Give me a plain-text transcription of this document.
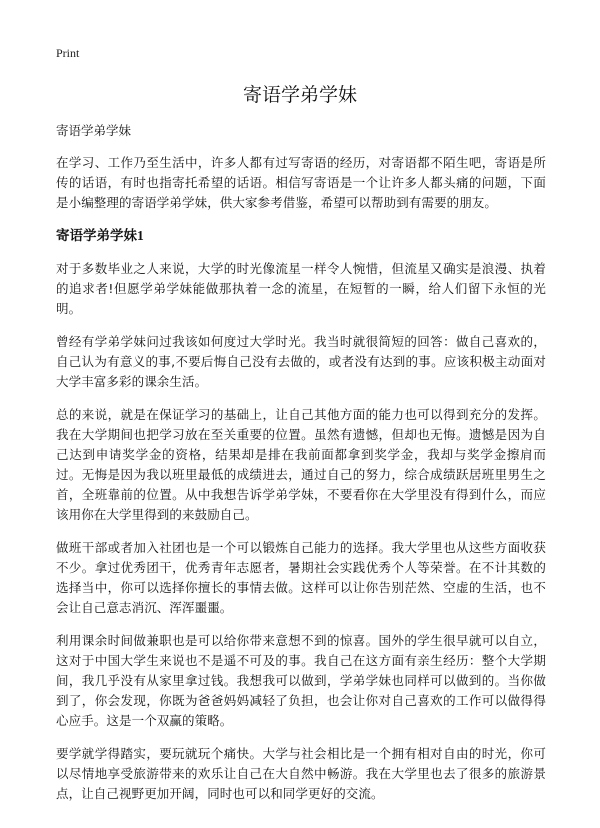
Print
寄语学弟学妹

寄语学弟学妹

在学习、工作乃至生活中，许多人都有过写寄语的经历，对寄语都不陌生吧，寄语是所传的话语，有时也指寄托希望的话语。相信写寄语是一个让许多人都头痛的问题，下面是小编整理的寄语学弟学妹，供大家参考借鉴，希望可以帮助到有需要的朋友。

寄语学弟学妹1

对于多数毕业之人来说，大学的时光像流星一样令人惋惜，但流星又确实是浪漫、执着的追求者!但愿学弟学妹能做那执着一念的流星，在短暂的一瞬，给人们留下永恒的光明。

曾经有学弟学妹问过我该如何度过大学时光。我当时就很简短的回答：做自己喜欢的，自己认为有意义的事,不要后悔自己没有去做的，或者没有达到的事。应该积极主动面对大学丰富多彩的课余生活。

总的来说，就是在保证学习的基础上，让自己其他方面的能力也可以得到充分的发挥。我在大学期间也把学习放在至关重要的位置。虽然有遗憾，但却也无悔。遗憾是因为自己达到申请奖学金的资格，结果却是排在我前面都拿到奖学金，我却与奖学金擦肩而过。无悔是因为我以班里最低的成绩进去，通过自己的努力，综合成绩跃居班里男生之首，全班靠前的位置。从中我想告诉学弟学妹，不要看你在大学里没有得到什么，而应该用你在大学里得到的来鼓励自己。

做班干部或者加入社团也是一个可以锻炼自己能力的选择。我大学里也从这些方面收获不少。拿过优秀团干，优秀青年志愿者，暑期社会实践优秀个人等荣誉。在不计其数的选择当中，你可以选择你擅长的事情去做。这样可以让你告别茫然、空虚的生活，也不会让自己意志消沉、浑浑噩噩。

利用课余时间做兼职也是可以给你带来意想不到的惊喜。国外的学生很早就可以自立，这对于中国大学生来说也不是遥不可及的事。我自己在这方面有亲生经历：整个大学期间，我几乎没有从家里拿过钱。我想我可以做到，学弟学妹也同样可以做到的。当你做到了，你会发现，你既为爸爸妈妈减轻了负担，也会让你对自己喜欢的工作可以做得得心应手。这是一个双赢的策略。

要学就学得踏实，要玩就玩个痛快。大学与社会相比是一个拥有相对自由的时光，你可以尽情地享受旅游带来的欢乐让自己在大自然中畅游。我在大学里也去了很多的旅游景点，让自己视野更加开阔，同时也可以和同学更好的交流。
